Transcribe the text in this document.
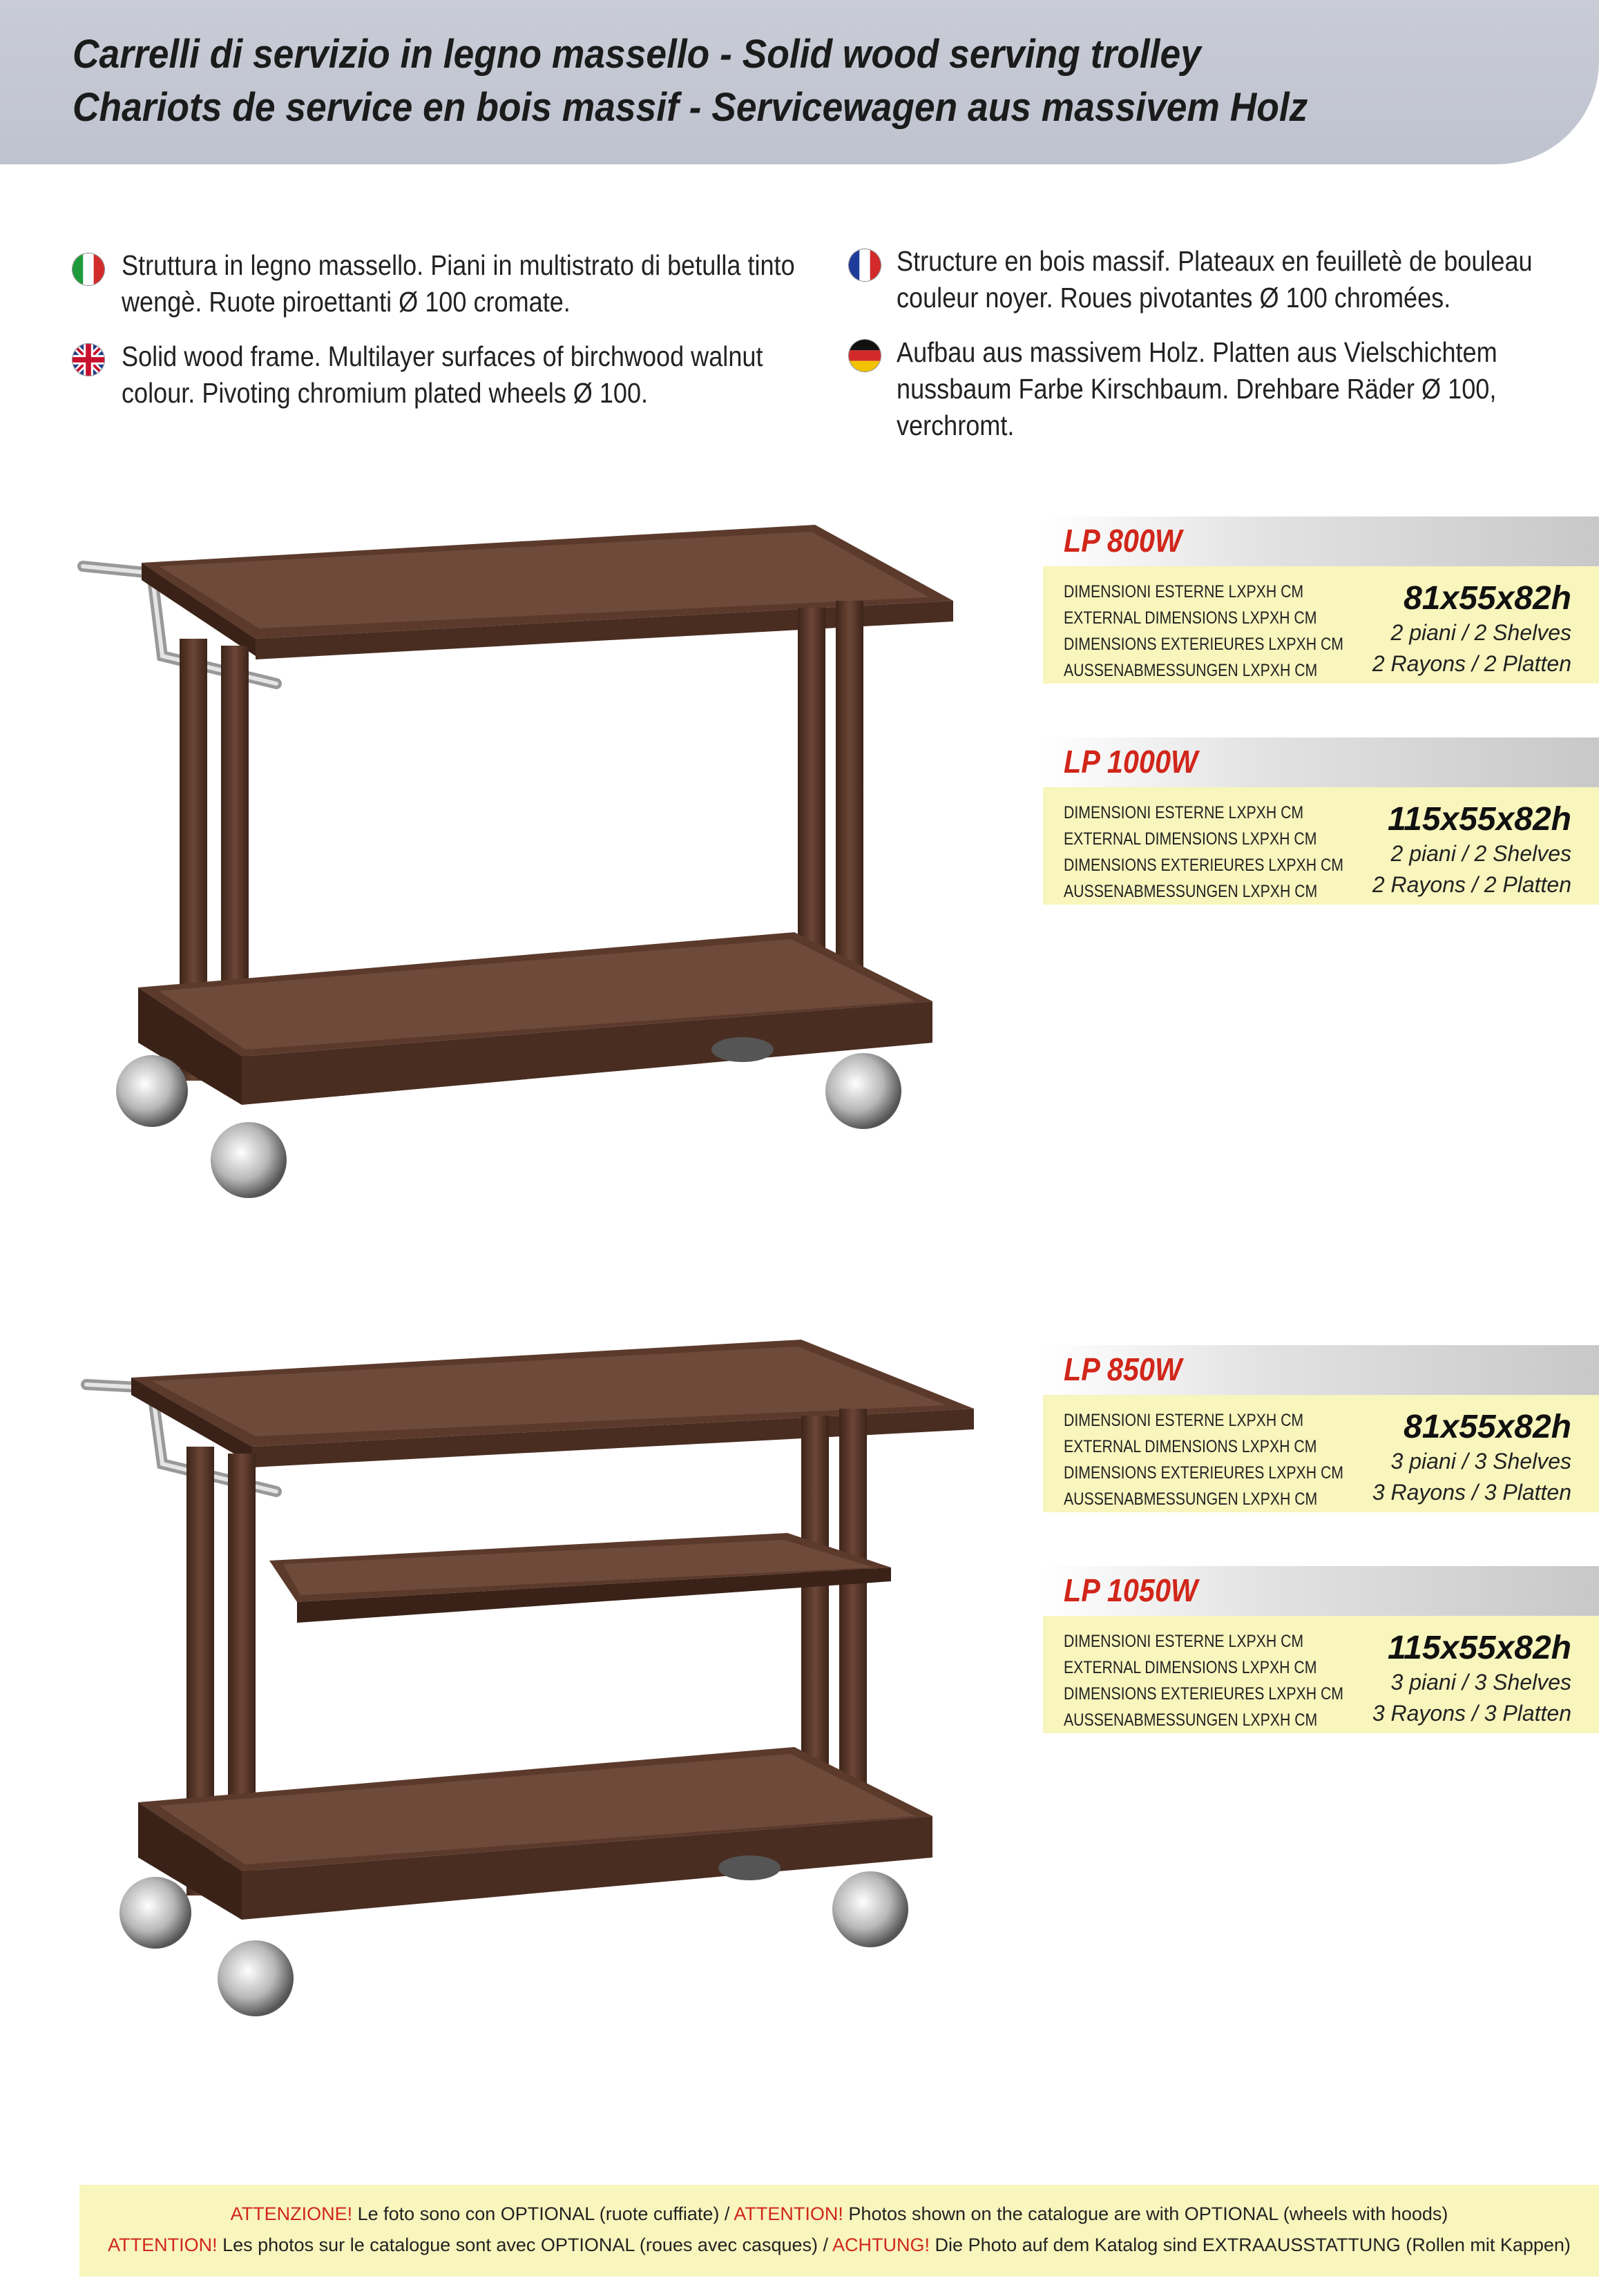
Carrelli di servizio in legno massello - Solid wood serving trolley
Chariots de service en bois massif - Servicewagen aus massivem Holz
Struttura in legno massello. Piani in multistrato di betulla tinto wengè. Ruote piroettanti Ø 100 cromate.
Solid wood frame. Multilayer surfaces of birchwood walnut colour. Pivoting chromium plated wheels Ø 100.
Structure en bois massif. Plateaux en feuilletè de bouleau couleur noyer. Roues pivotantes Ø 100 chromées.
Aufbau aus massivem Holz. Platten aus Vielschichtem nussbaum Farbe Kirschbaum. Drehbare Räder Ø 100, verchromt.
LP 800W
DIMENSIONI ESTERNE LXPXH CM
EXTERNAL DIMENSIONS LXPXH CM
DIMENSIONS EXTERIEURES LXPXH CM
AUSSENABMESSUNGEN LXPXH CM
81x55x82h
2 piani / 2 Shelves
2 Rayons / 2 Platten
LP 1000W
DIMENSIONI ESTERNE LXPXH CM
EXTERNAL DIMENSIONS LXPXH CM
DIMENSIONS EXTERIEURES LXPXH CM
AUSSENABMESSUNGEN LXPXH CM
115x55x82h
2 piani / 2 Shelves
2 Rayons / 2 Platten
LP 850W
DIMENSIONI ESTERNE LXPXH CM
EXTERNAL DIMENSIONS LXPXH CM
DIMENSIONS EXTERIEURES LXPXH CM
AUSSENABMESSUNGEN LXPXH CM
81x55x82h
3 piani / 3 Shelves
3 Rayons / 3 Platten
LP 1050W
DIMENSIONI ESTERNE LXPXH CM
EXTERNAL DIMENSIONS LXPXH CM
DIMENSIONS EXTERIEURES LXPXH CM
AUSSENABMESSUNGEN LXPXH CM
115x55x82h
3 piani / 3 Shelves
3 Rayons / 3 Platten
ATTENZIONE! Le foto sono con OPTIONAL (ruote cuffiate) / ATTENTION! Photos shown on the catalogue are with OPTIONAL (wheels with hoods)
ATTENTION! Les photos sur le catalogue sont avec OPTIONAL (roues avec casques) / ACHTUNG! Die Photo auf dem Katalog sind EXTRAAUSSTATTUNG (Rollen mit Kappen)
